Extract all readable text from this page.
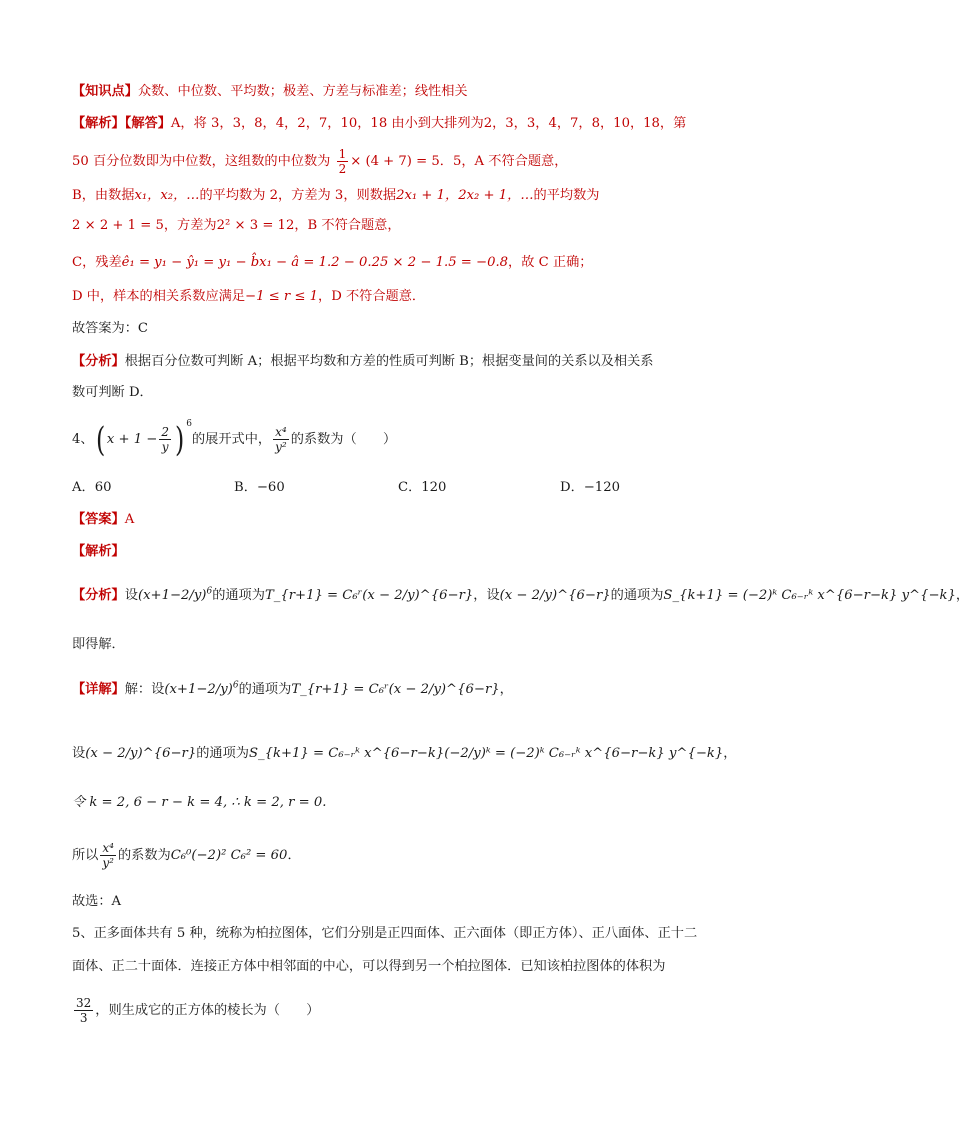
【知识点】众数、中位数、平均数；极差、方差与标准差；线性相关
【解析】【解答】A，将 3，3，8，4，2，7，10，18 由小到大排列为2，3，3，4，7，8，10，18，第
50 百分位数即为中位数，这组数的中位数为 $\frac{1}{2} \times (4 + 7) = 5$．5，A 不符合题意，
B，由数据x₁，x₂，…的平均数为 2，方差为 3，则数据2x₁ + 1，2x₂ + 1，…的平均数为
2 × 2 + 1 = 5，方差为2² × 3 = 12，B 不符合题意，
C，残差ê₁ = y₁ − ŷ₁ = y₁ − b̂x₁ − â = 1.2 − 0.25 × 2 − 1.5 = −0.8，故 C 正确；
D 中，样本的相关系数应满足−1 ≤ r ≤ 1，D 不符合题意．
故答案为：C
【分析】根据百分位数可判断 A；根据平均数和方差的性质可判断 B；根据变量间的关系以及相关系
数可判断 D．
4、( $x + 1 - \frac{2}{y}$ ) $^6$的展开式中， $\frac{\text{x⁴}}{\text{y²}}$ 的系数为（　　）
A．60	B．−60	C．120	D．−120
【答案】A
【解析】
【分析】设$(x+1-2/y)^6$的通项为T_{r+1} = C₆ʳ(x − 2/y)^{6−r}，设(x − 2/y)^{6−r}的通项为S_{k+1} = (−2)ᵏ C₆₋ᵣᵏ x^{6−r−k} y^{−k}，
即得解．
【详解】解：设$(x+1-2/y)^6$的通项为T_{r+1} = C₆ʳ(x − 2/y)^{6−r}，
设(x − 2/y)^{6−r}的通项为S_{k+1} = C₆₋ᵣᵏ x^{6−r−k}(−2/y)ᵏ = (−2)ᵏ C₆₋ᵣᵏ x^{6−r−k} y^{−k}，
令 k = 2, 6 − r − k = 4, ∴ k = 2, r = 0.
所以 $\frac{\text{x⁴}}{\text{y²}}$ 的系数为C₆⁰(−2)² C₆² = 60．
故选：A
5、正多面体共有 5 种，统称为柏拉图体，它们分别是正四面体、正六面体（即正方体）、正八面体、正十二
面体、正二十面体．连接正方体中相邻面的中心，可以得到另一个柏拉图体．已知该柏拉图体的体积为
$\frac{32}{3}$ ，则生成它的正方体的棱长为（　　）
